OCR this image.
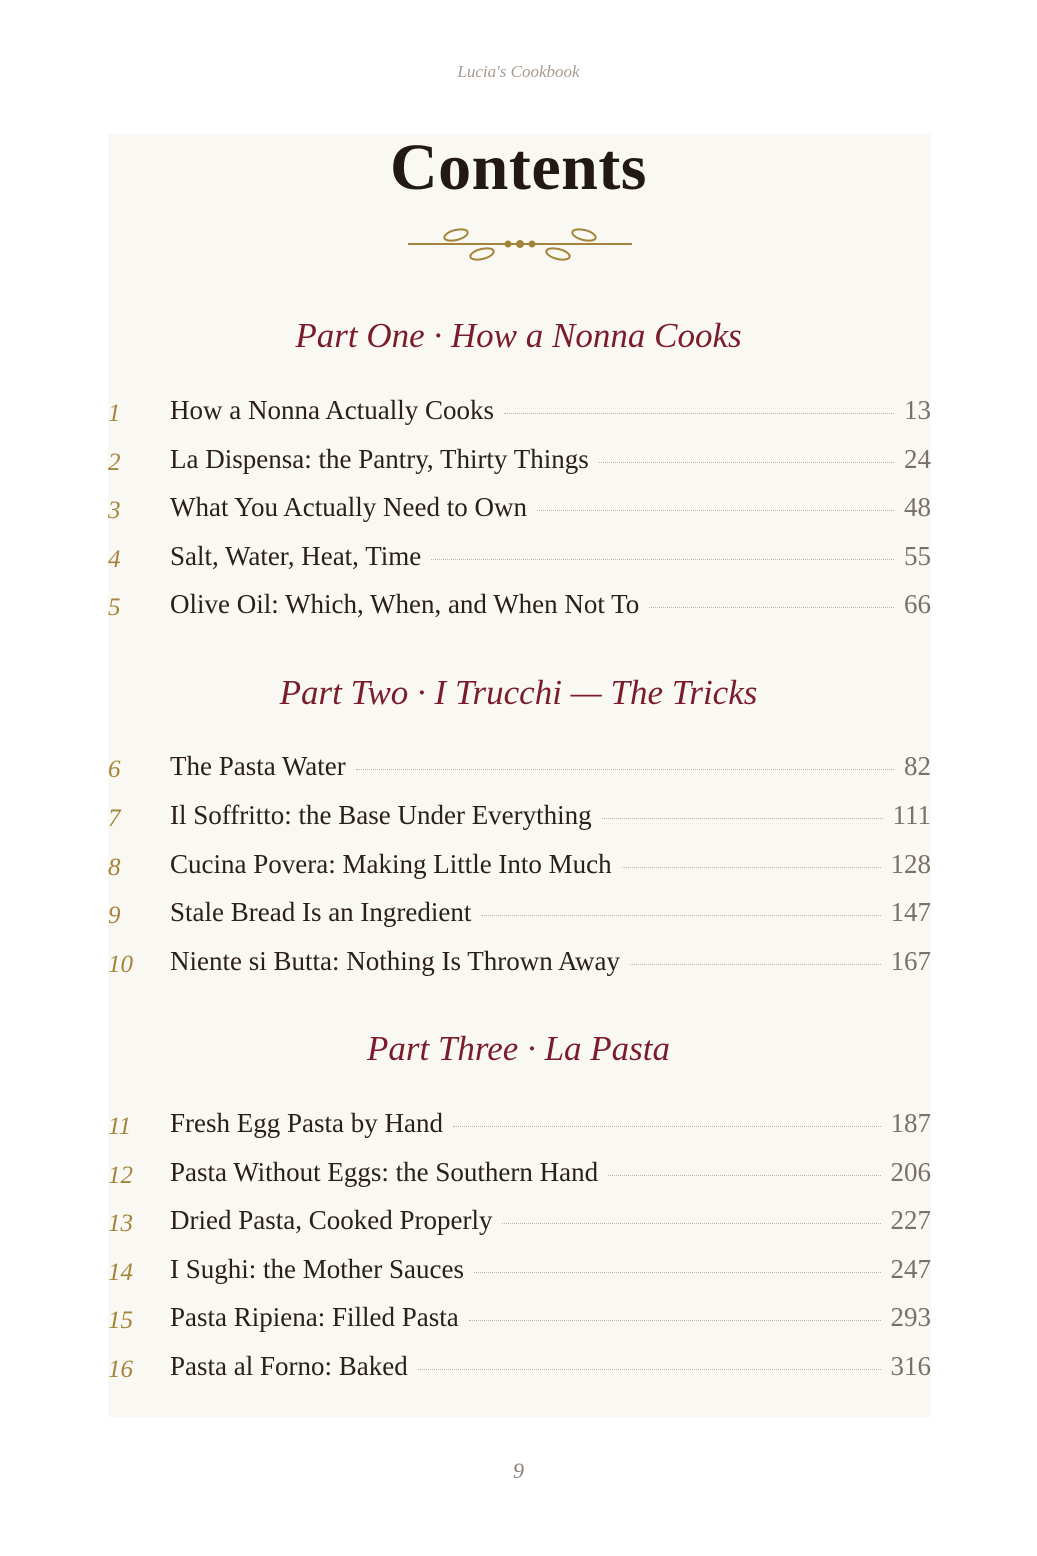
Lucia's Cookbook
Contents
Part One · How a Nonna Cooks
1 How a Nonna Actually Cooks	13
2 La Dispensa: the Pantry, Thirty Things	24
3 What You Actually Need to Own	48
4 Salt, Water, Heat, Time	55
5 Olive Oil: Which, When, and When Not To	66
Part Two · I Trucchi — The Tricks
6 The Pasta Water	82
7 Il Soffritto: the Base Under Everything	111
8 Cucina Povera: Making Little Into Much	128
9 Stale Bread Is an Ingredient	147
10 Niente si Butta: Nothing Is Thrown Away	167
Part Three · La Pasta
11 Fresh Egg Pasta by Hand	187
12 Pasta Without Eggs: the Southern Hand	206
13 Dried Pasta, Cooked Properly	227
14 I Sughi: the Mother Sauces	247
15 Pasta Ripiena: Filled Pasta	293
16 Pasta al Forno: Baked	316
9
